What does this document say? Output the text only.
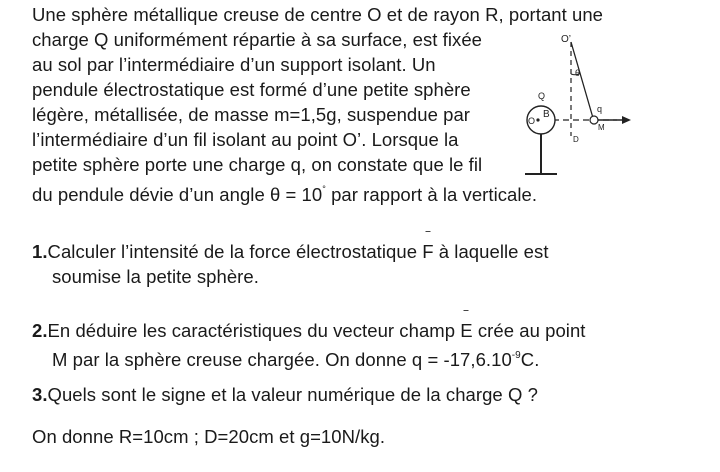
Une sphère métallique creuse de centre O et de rayon R, portant une
charge Q uniformément répartie à sa surface, est fixée
au sol par l’intermédiaire d’un support isolant. Un
pendule électrostatique est formé d’une petite sphère
légère, métallisée, de masse m=1,5g, suspendue par
l’intermédiaire d’un fil isolant au point O’. Lorsque la
petite sphère porte une charge q, on constate que le fil
du pendule dévie d’un angle θ = 10° par rapport à la verticale.
O’
θ
q
M
Q
O
B
D
1.Calculer l’intensité de la force électrostatique F à laquelle est
soumise la petite sphère.
2.En déduire les caractéristiques du vecteur champ E crée au point
M par la sphère creuse chargée. On donne $q = -17,6.10^{-9}C$.
3.Quels sont le signe et la valeur numérique de la charge Q ?
On donne R=10cm ; D=20cm et g=10N/kg.
